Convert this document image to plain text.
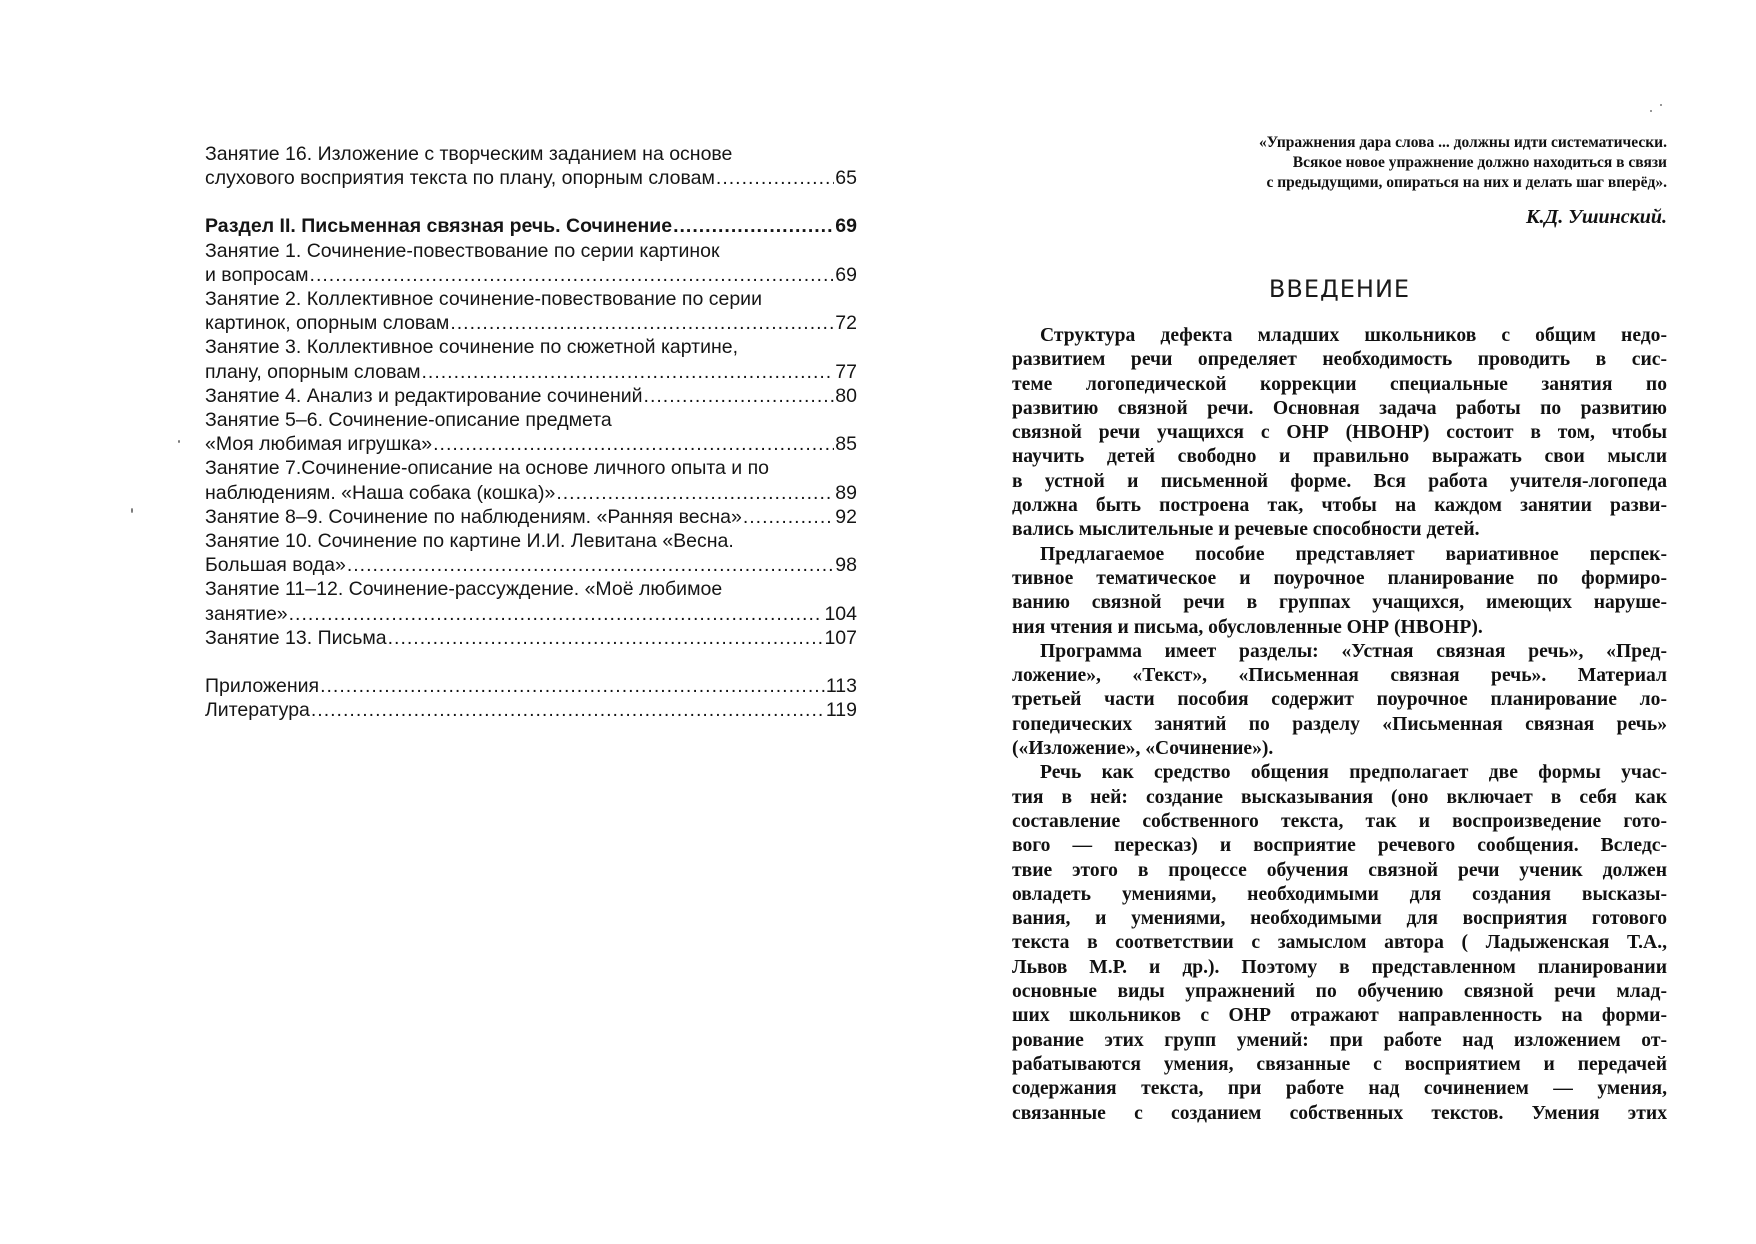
Занятие 16. Изложение с творческим заданием на основе
слухового восприятия текста по плану, опорным словам .....	65
Раздел II. Письменная связная речь. Сочинение .....	69
Занятие 1. Сочинение-повествование по серии картинок
и вопросам .....	69
Занятие 2. Коллективное сочинение-повествование по серии
картинок, опорным словам .....	72
Занятие 3. Коллективное сочинение по сюжетной картине,
плану, опорным словам .....	77
Занятие 4. Анализ и редактирование сочинений .....	80
Занятие 5–6. Сочинение-описание предмета
«Моя любимая игрушка» .....	85
Занятие 7.Сочинение-описание на основе личного опыта и по
наблюдениям. «Наша собака (кошка)» .....	89
Занятие 8–9. Сочинение по наблюдениям. «Ранняя весна» .....	92
Занятие 10. Сочинение по картине И.И. Левитана «Весна.
Большая вода» .....	98
Занятие 11–12. Сочинение-рассуждение. «Моё любимое
занятие» .....	104
Занятие 13. Письма .....	107
Приложения .....	113
Литература .....	119
«Упражнения дара слова ... должны идти систематически.
Всякое новое упражнение должно находиться в связи
с предыдущими, опираться на них и делать шаг вперёд».
К.Д. Ушинский.
ВВЕДЕНИЕ
Структура дефекта младших школьников с общим недо-
развитием речи определяет необходимость проводить в сис-
теме логопедической коррекции специальные занятия по
развитию связной речи. Основная задача работы по развитию
связной речи учащихся с ОНР (НВОНР) состоит в том, чтобы
научить детей свободно и правильно выражать свои мысли
в устной и письменной форме. Вся работа учителя-логопеда
должна быть построена так, чтобы на каждом занятии разви-
вались мыслительные и речевые способности детей.
Предлагаемое пособие представляет вариативное перспек-
тивное тематическое и поурочное планирование по формиро-
ванию связной речи в группах учащихся, имеющих наруше-
ния чтения и письма, обусловленные ОНР (НВОНР).
Программа имеет разделы: «Устная связная речь», «Пред-
ложение», «Текст», «Письменная связная речь». Материал
третьей части пособия содержит поурочное планирование ло-
гопедических занятий по разделу «Письменная связная речь»
(«Изложение», «Сочинение»).
Речь как средство общения предполагает две формы учас-
тия в ней: создание высказывания (оно включает в себя как
составление собственного текста, так и воспроизведение гото-
вого — пересказ) и восприятие речевого сообщения. Вследс-
твие этого в процессе обучения связной речи ученик должен
овладеть умениями, необходимыми для создания высказы-
вания, и умениями, необходимыми для восприятия готового
текста в соответствии с замыслом автора ( Ладыженская Т.А.,
Львов М.Р. и др.). Поэтому в представленном планировании
основные виды упражнений по обучению связной речи млад-
ших школьников с ОНР отражают направленность на форми-
рование этих групп умений: при работе над изложением от-
рабатываются умения, связанные с восприятием и передачей
содержания текста, при работе над сочинением — умения,
связанные с созданием собственных текстов. Умения этих
